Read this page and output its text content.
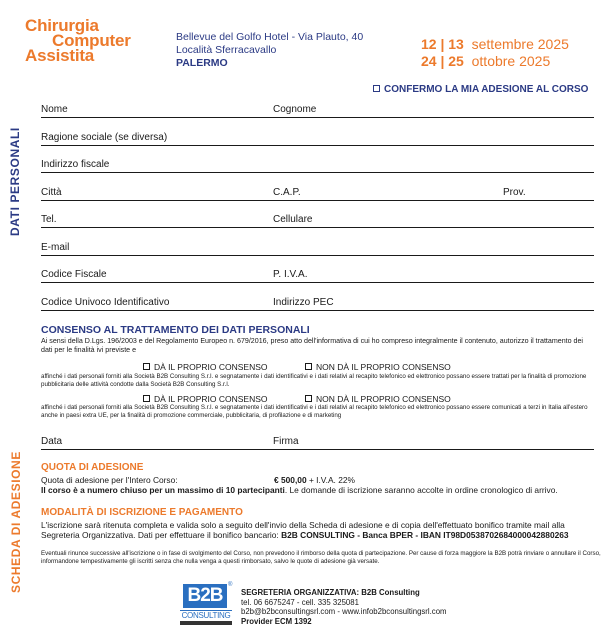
Chirurgia
Computer
Assistita
Bellevue del Golfo Hotel - Via Plauto, 40
Località Sferracavallo
PALERMO
12 | 13 settembre 2025
24 | 25 ottobre 2025
CONFERMO LA MIA ADESIONE AL CORSO
DATI PERSONALI
SCHEDA DI ADESIONE
Nome	Cognome
Ragione sociale (se diversa)
Indirizzo fiscale
Città	C.A.P.	Prov.
Tel.	Cellulare
E-mail
Codice Fiscale	P. I.V.A.
Codice Univoco Identificativo	Indirizzo PEC
CONSENSO AL TRATTAMENTO DEI DATI PERSONALI
Ai sensi della D.Lgs. 196/2003 e del Regolamento Europeo n. 679/2016, preso atto dell'informativa di cui ho compreso integralmente il contenuto, autorizzo il trattamento dei dati per le finalità ivi previste e
DÀ IL PROPRIO CONSENSO	NON DÀ IL PROPRIO CONSENSO
affinché i dati personali forniti alla Società B2B Consulting S.r.l. e segnatamente i dati identificativi e i dati relativi al recapito telefonico ed elettronico possano essere trattati per la finalità di promozione pubblicitaria delle attività condotte dalla Società B2B Consulting S.r.l.
DÀ IL PROPRIO CONSENSO	NON DÀ IL PROPRIO CONSENSO
affinché i dati personali forniti alla Società B2B Consulting S.r.l. e segnatamente i dati identificativi e i dati relativi al recapito telefonico ed elettronico possano essere comunicati a terzi in Italia all'estero anche in paesi extra UE, per la finalità di promozione commerciale, pubblicitaria, di profilazione e di marketing
Data	Firma
QUOTA DI ADESIONE
Quota di adesione per l'Intero Corso:	€ 500,00 + I.V.A. 22%
Il corso è a numero chiuso per un massimo di 10 partecipanti. Le domande di iscrizione saranno accolte in ordine cronologico di arrivo.
MODALITÀ DI ISCRIZIONE E PAGAMENTO
L'iscrizione sarà ritenuta completa e valida solo a seguito dell'invio della Scheda di adesione e di copia dell'effettuato bonifico tramite mail alla
Segreteria Organizzativa. Dati per effettuare il bonifico bancario: B2B CONSULTING - Banca BPER - IBAN IT98D0538702684000042880263
Eventuali rinunce successive all'iscrizione o in fase di svolgimento del Corso, non prevedono il rimborso della quota di partecipazione. Per cause di forza maggiore la B2B potrà rinviare o annullare il Corso, informandone tempestivamente gli iscritti senza che nulla venga a questi rimborsato, salvo le quote di adesione già versate.
B2B ®
CONSULTING
SEGRETERIA ORGANIZZATIVA: B2B Consulting
tel. 06 6675247 - cell. 335 325081
b2b@b2bconsultingsrl.com - www.infob2bconsultingsrl.com
Provider ECM 1392
